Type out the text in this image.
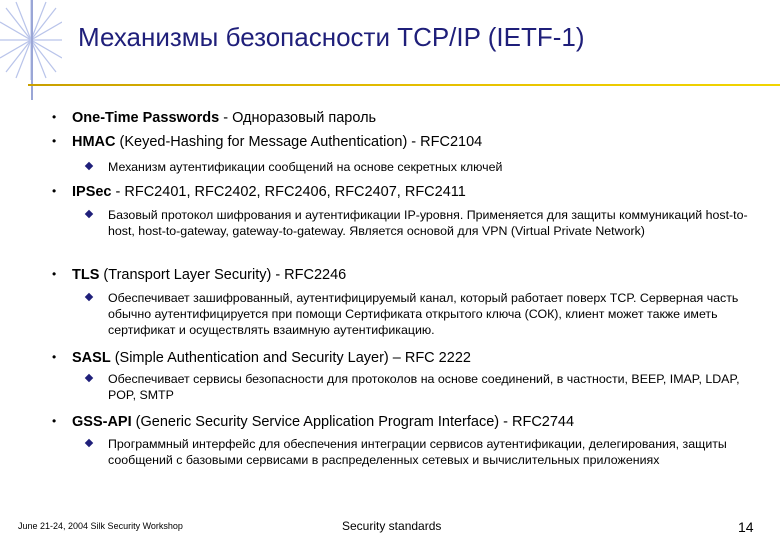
Механизмы безопасности TCP/IP (IETF-1)
• One-Time Passwords - Одноразовый пароль
• HMAC (Keyed-Hashing for Message Authentication) - RFC2104
Механизм аутентификации сообщений на основе секретных ключей
• IPSec - RFC2401, RFC2402, RFC2406, RFC2407, RFC2411
Базовый протокол шифрования и аутентификации IP-уровня. Применяется для защиты коммуникаций host-to-host, host-to-gateway, gateway-to-gateway. Является основой для VPN (Virtual Private Network)
• TLS (Transport Layer Security) - RFC2246
Обеспечивает зашифрованный, аутентифицируемый канал, который работает поверх TCP. Серверная часть обычно аутентифицируется при помощи Сертификата открытого ключа (СОК), клиент может также иметь сертификат и осуществлять взаимную аутентификацию.
• SASL (Simple Authentication and Security Layer) – RFC 2222
Обеспечивает сервисы безопасности для протоколов на основе соединений, в частности, BEEP, IMAP, LDAP, POP, SMTP
• GSS-API (Generic Security Service Application Program Interface) - RFC2744
Программный интерфейс для обеспечения интеграции сервисов аутентификации, делегирования, защиты сообщений с базовыми сервисами в распределенных сетевых и вычислительных приложениях
June 21-24, 2004 Silk Security Workshop	Security standards	14
